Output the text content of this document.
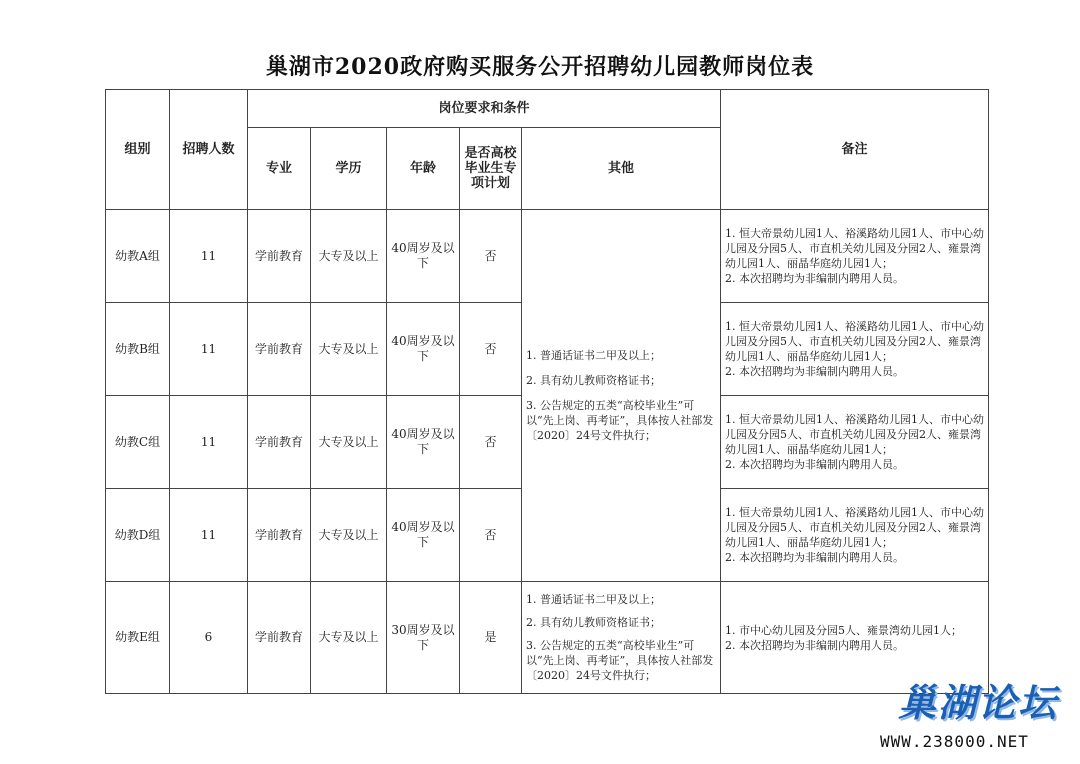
巢湖市2020政府购买服务公开招聘幼儿园教师岗位表
组别	招聘人数	岗位要求和条件					备注
		专业	学历	年龄	是否高校毕业生专项计划	其他	
幼教A组	11	学前教育	大专及以上	40周岁及以下	否	1. 普通话证书二甲及以上；
2. 具有幼儿教师资格证书；
3. 公告规定的五类“高校毕业生”可以“先上岗、再考证”，具体按人社部发〔2020〕24号文件执行；	1. 恒大帝景幼儿园1人、裕溪路幼儿园1人、市中心幼儿园及分园5人、市直机关幼儿园及分园2人、雍景湾幼儿园1人、丽晶华庭幼儿园1人；
2. 本次招聘均为非编制内聘用人员。

幼教B组	11	学前教育	大专及以上	40周岁及以下	否		1. 恒大帝景幼儿园1人、裕溪路幼儿园1人、市中心幼儿园及分园5人、市直机关幼儿园及分园2人、雍景湾幼儿园1人、丽晶华庭幼儿园1人；
2. 本次招聘均为非编制内聘用人员。

幼教C组	11	学前教育	大专及以上	40周岁及以下	否		1. 恒大帝景幼儿园1人、裕溪路幼儿园1人、市中心幼儿园及分园5人、市直机关幼儿园及分园2人、雍景湾幼儿园1人、丽晶华庭幼儿园1人；
2. 本次招聘均为非编制内聘用人员。

幼教D组	11	学前教育	大专及以上	40周岁及以下	否		1. 恒大帝景幼儿园1人、裕溪路幼儿园1人、市中心幼儿园及分园5人、市直机关幼儿园及分园2人、雍景湾幼儿园1人、丽晶华庭幼儿园1人；
2. 本次招聘均为非编制内聘用人员。

幼教E组	6	学前教育	大专及以上	30周岁及以下	是	1. 普通话证书二甲及以上；
2. 具有幼儿教师资格证书；
3. 公告规定的五类“高校毕业生”可以“先上岗、再考证”，具体按人社部发〔2020〕24号文件执行；	1. 市中心幼儿园及分园5人、雍景湾幼儿园1人；
2. 本次招聘均为非编制内聘用人员。
巢湖论坛
WWW.238000.NET
